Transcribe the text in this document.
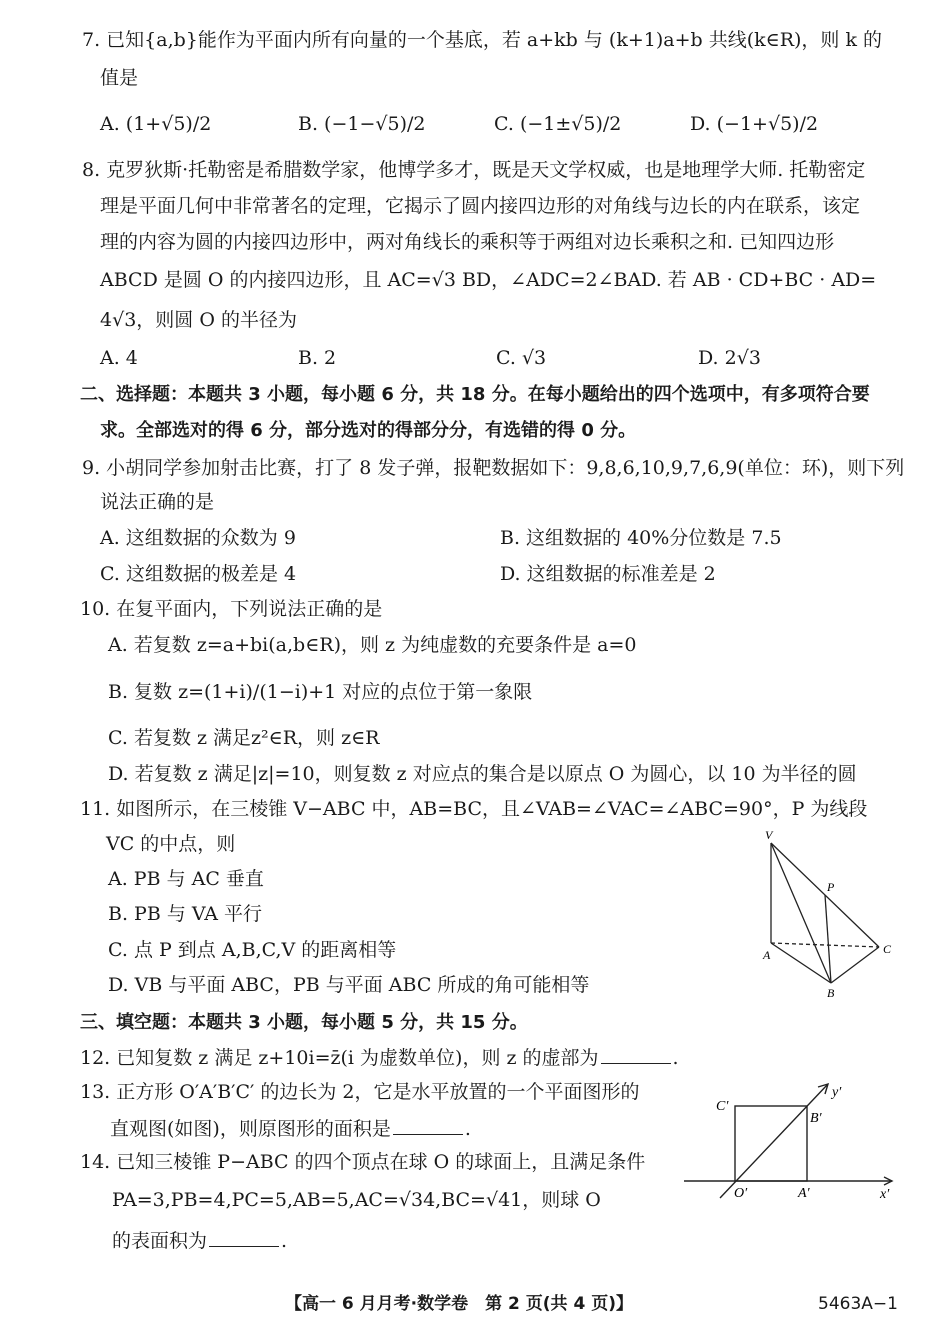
7. 已知{a,b}能作为平面内所有向量的一个基底，若 a+kb 与 (k+1)a+b 共线(k∈R)，则 k 的
值是
A. (1+√5)/2	B. (−1−√5)/2	C. (−1±√5)/2	D. (−1+√5)/2
8. 克罗狄斯·托勒密是希腊数学家，他博学多才，既是天文学权威，也是地理学大师. 托勒密定
理是平面几何中非常著名的定理，它揭示了圆内接四边形的对角线与边长的内在联系，该定
理的内容为圆的内接四边形中，两对角线长的乘积等于两组对边长乘积之和. 已知四边形
ABCD 是圆 O 的内接四边形，且 AC=√3 BD，∠ADC=2∠BAD. 若 AB · CD+BC · AD=
4√3，则圆 O 的半径为
A. 4	B. 2	C. √3	D. 2√3
二、选择题：本题共 3 小题，每小题 6 分，共 18 分。在每小题给出的四个选项中，有多项符合要
求。全部选对的得 6 分，部分选对的得部分分，有选错的得 0 分。
9. 小胡同学参加射击比赛，打了 8 发子弹，报靶数据如下：9,8,6,10,9,7,6,9(单位：环)，则下列
说法正确的是
A. 这组数据的众数为 9	B. 这组数据的 40%分位数是 7.5
C. 这组数据的极差是 4	D. 这组数据的标准差是 2
10. 在复平面内，下列说法正确的是
A. 若复数 z=a+bi(a,b∈R)，则 z 为纯虚数的充要条件是 a=0
B. 复数 z=(1+i)/(1−i)+1 对应的点位于第一象限
C. 若复数 z 满足z²∈R，则 z∈R
D. 若复数 z 满足|z|=10，则复数 z 对应点的集合是以原点 O 为圆心，以 10 为半径的圆
11. 如图所示，在三棱锥 V−ABC 中，AB=BC，且∠VAB=∠VAC=∠ABC=90°，P 为线段
VC 的中点，则
A. PB 与 AC 垂直
B. PB 与 VA 平行
C. 点 P 到点 A,B,C,V 的距离相等
D. VB 与平面 ABC，PB 与平面 ABC 所成的角可能相等
V
P
A
B
C
三、填空题：本题共 3 小题，每小题 5 分，共 15 分。
12. 已知复数 z 满足 z+10i=z̄(i 为虚数单位)，则 z 的虚部为	.
13. 正方形 O′A′B′C′ 的边长为 2，它是水平放置的一个平面图形的
直观图(如图)，则原图形的面积是	.
C′
B′
O′	A′	x′
y′
14. 已知三棱锥 P−ABC 的四个顶点在球 O 的球面上，且满足条件
PA=3,PB=4,PC=5,AB=5,AC=√34,BC=√41，则球 O
的表面积为	.
【高一 6 月月考·数学卷　第 2 页(共 4 页)】	5463A−1
